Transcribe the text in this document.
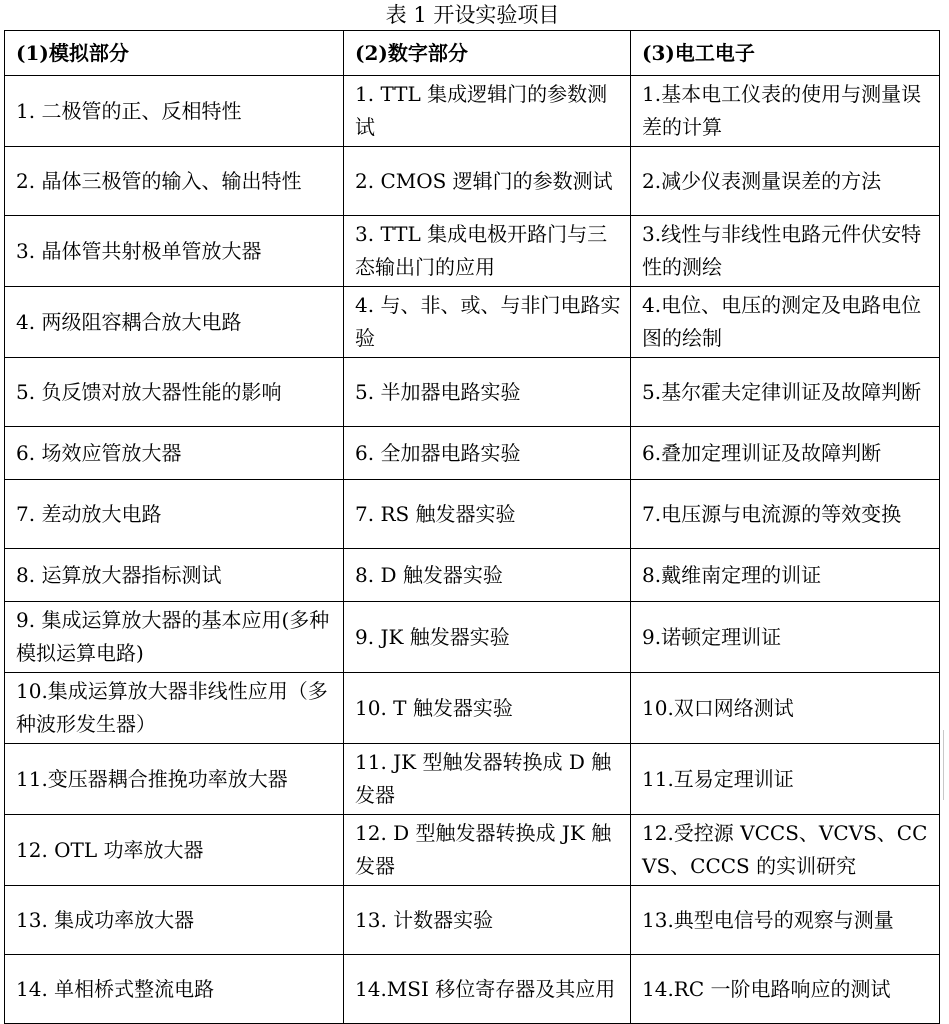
表 1 开设实验项目
(1)模拟部分	(2)数字部分	(3)电工电子
1. 二极管的正、反相特性	1. TTL 集成逻辑门的参数测试	1.基本电工仪表的使用与测量误差的计算
2. 晶体三极管的输入、输出特性	2. CMOS 逻辑门的参数测试	2.减少仪表测量误差的方法
3. 晶体管共射极单管放大器	3. TTL 集成电极开路门与三态输出门的应用	3.线性与非线性电路元件伏安特性的测绘
4. 两级阻容耦合放大电路	4. 与、非、或、与非门电路实验	4.电位、电压的测定及电路电位图的绘制
5. 负反馈对放大器性能的影响	5. 半加器电路实验	5.基尔霍夫定律训证及故障判断
6. 场效应管放大器	6. 全加器电路实验	6.叠加定理训证及故障判断
7. 差动放大电路	7. RS 触发器实验	7.电压源与电流源的等效变换
8. 运算放大器指标测试	8. D 触发器实验	8.戴维南定理的训证
9. 集成运算放大器的基本应用(多种模拟运算电路)	9. JK 触发器实验	9.诺顿定理训证
10.集成运算放大器非线性应用（多种波形发生器）	10. T 触发器实验	10.双口网络测试
11.变压器耦合推挽功率放大器	11. JK 型触发器转换成 D 触发器	11.互易定理训证
12. OTL 功率放大器	12. D 型触发器转换成 JK 触发器	12.受控源 VCCS、VCVS、CCVS、CCCS 的实训研究
13. 集成功率放大器	13. 计数器实验	13.典型电信号的观察与测量
14. 单相桥式整流电路	14.MSI 移位寄存器及其应用	14.RC 一阶电路响应的测试
